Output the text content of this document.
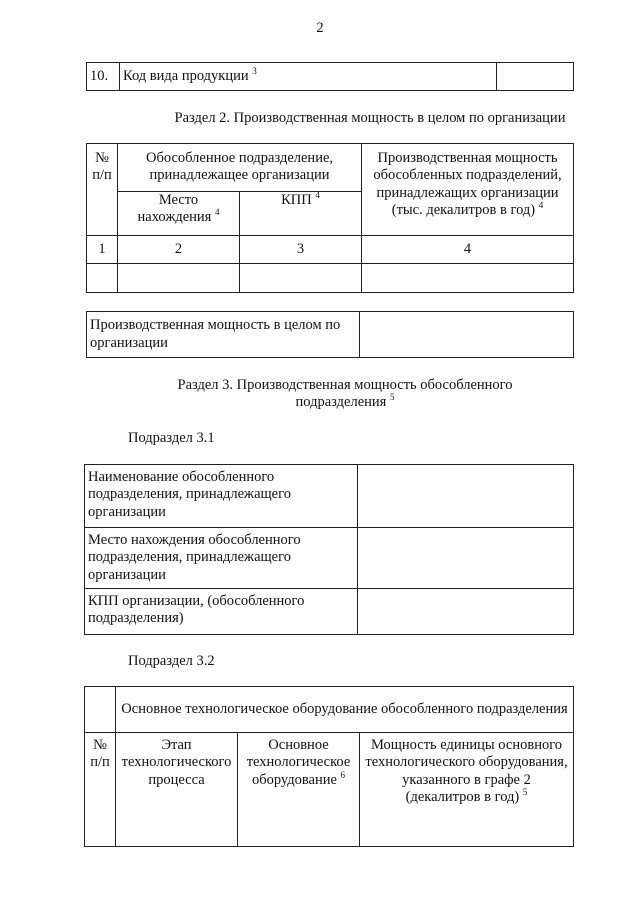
2
10.	Код вида продукции $^3$	
Раздел 2. Производственная мощность в целом по организации
№ п/п	Обособленное подразделение, принадлежащее организации		Производственная мощность обособленных подразделений, принадлежащих организации (тыс. декалитров в год) $^4$
	Место нахождения $^4$	КПП $^4$
1	2	3	4

Производственная мощность в целом по организации	
Раздел 3. Производственная мощность обособленного
подразделения $^5$
Подраздел 3.1
Наименование обособленного подразделения, принадлежащего организации	
Место нахождения обособленного подразделения, принадлежащего организации	
КПП организации, (обособленного подразделения)	
Подраздел 3.2
	Основное технологическое оборудование обособленного подразделения		
№ п/п	Этап технологического процесса	Основное технологическое оборудование $^6$	Мощность единицы основного технологического оборудования, указанного в графе 2 (декалитров в год) $^5$
